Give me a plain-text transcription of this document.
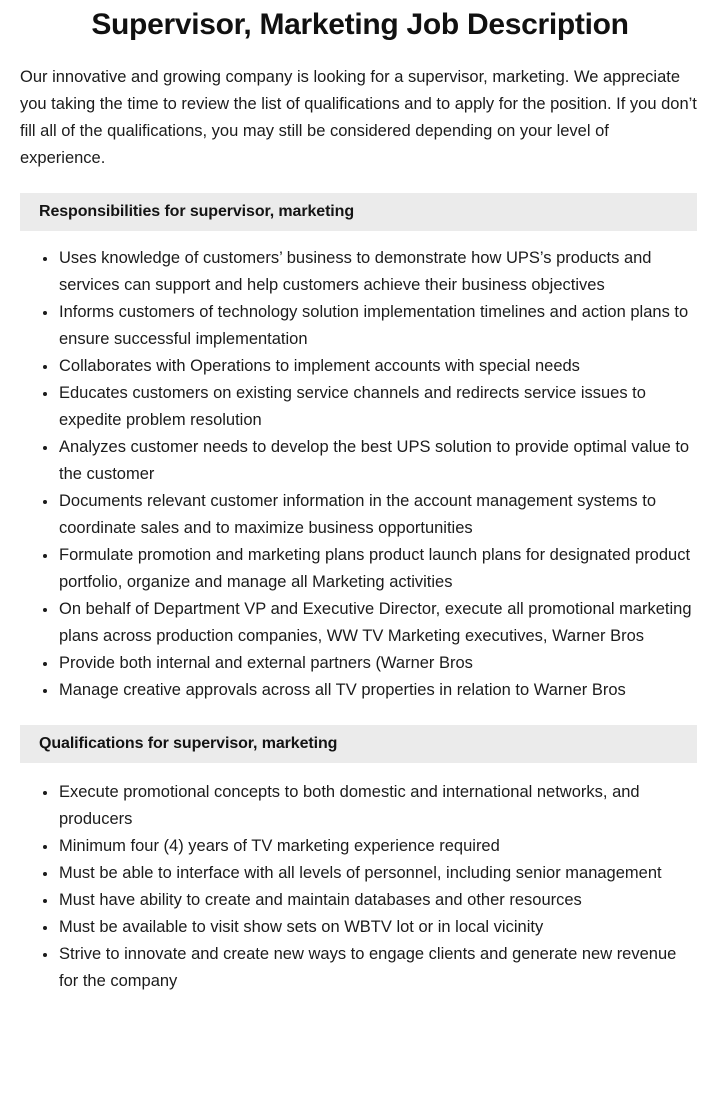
Supervisor, Marketing Job Description

Our innovative and growing company is looking for a supervisor, marketing. We appreciate you taking the time to review the list of qualifications and to apply for the position. If you don’t fill all of the qualifications, you may still be considered depending on your level of experience.

Responsibilities for supervisor, marketing
Uses knowledge of customers’ business to demonstrate how UPS’s products and services can support and help customers achieve their business objectives
Informs customers of technology solution implementation timelines and action plans to ensure successful implementation
Collaborates with Operations to implement accounts with special needs
Educates customers on existing service channels and redirects service issues to expedite problem resolution
Analyzes customer needs to develop the best UPS solution to provide optimal value to the customer
Documents relevant customer information in the account management systems to coordinate sales and to maximize business opportunities
Formulate promotion and marketing plans product launch plans for designated product portfolio, organize and manage all Marketing activities
On behalf of Department VP and Executive Director, execute all promotional marketing plans across production companies, WW TV Marketing executives, Warner Bros
Provide both internal and external partners (Warner Bros
Manage creative approvals across all TV properties in relation to Warner Bros
Qualifications for supervisor, marketing
Execute promotional concepts to both domestic and international networks, and producers
Minimum four (4) years of TV marketing experience required
Must be able to interface with all levels of personnel, including senior management
Must have ability to create and maintain databases and other resources
Must be available to visit show sets on WBTV lot or in local vicinity
Strive to innovate and create new ways to engage clients and generate new revenue for the company
